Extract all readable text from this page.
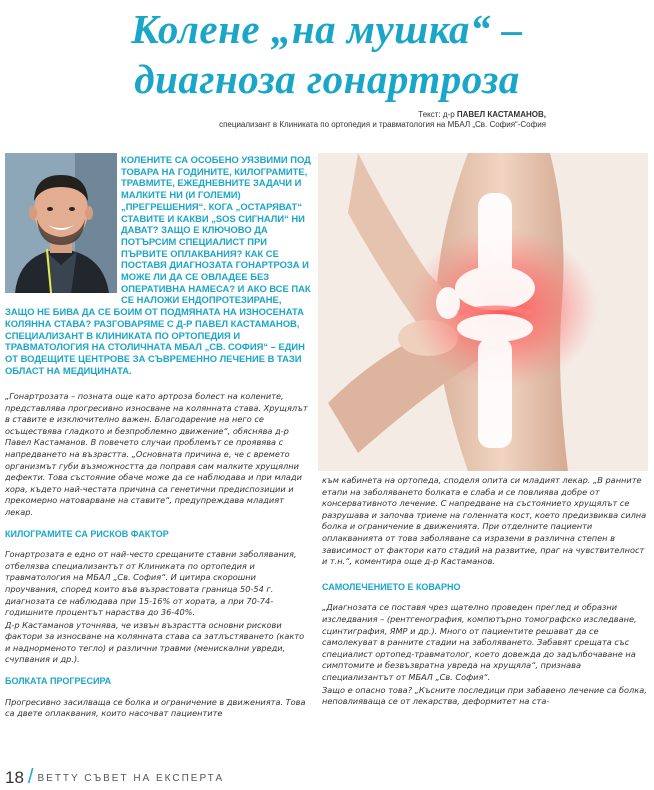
Колене „на мушка“ –
диагноза гонартроза
Текст: д-р ПАВЕЛ КАСТАМАНОВ,
специализант в Клиниката по ортопедия и травматология на МБАЛ „Св. София“-София
КОЛЕНИТЕ СА ОСОБЕНО УЯЗВИМИ ПОД ТОВАРА НА ГОДИНИТЕ, КИЛОГРАМИТЕ, ТРАВМИТЕ, ЕЖЕДНЕВНИТЕ ЗАДАЧИ И МАЛКИТЕ НИ (И ГОЛЕМИ) „ПРЕГРЕШЕНИЯ“. КОГА „ОСТАРЯВАТ“ СТАВИТЕ И КАКВИ „SOS СИГНАЛИ“ НИ ДАВАТ? ЗАЩО Е КЛЮЧОВО ДА ПОТЪРСИМ СПЕЦИАЛИСТ ПРИ ПЪРВИТЕ ОПЛАКВАНИЯ? КАК СЕ ПОСТАВЯ ДИАГНОЗАТА ГОНАРТРОЗА И МОЖЕ ЛИ ДА СЕ ОВЛАДЕЕ БЕЗ ОПЕРАТИВНА НАМЕСА? И АКО ВСЕ ПАК СЕ НАЛОЖИ ЕНДОПРОТЕЗИРАНЕ, ЗАЩО НЕ БИВА ДА СЕ БОИМ ОТ ПОДМЯНАТА НА ИЗНОСЕНАТА КОЛЯННА СТАВА? РАЗГОВАРЯМЕ С Д-Р ПАВЕЛ КАСТАМАНОВ, СПЕЦИАЛИЗАНТ В КЛИНИКАТА ПО ОРТОПЕДИЯ И ТРАВМАТОЛОГИЯ НА СТОЛИЧНАТА МБАЛ „СВ. СОФИЯ“ – ЕДИН ОТ ВОДЕЩИТЕ ЦЕНТРОВЕ ЗА СЪВРЕМЕННО ЛЕЧЕНИЕ В ТАЗИ ОБЛАСТ НА МЕДИЦИНАТА.

„Гонартрозата – позната още като артроза болест на колените, представлява прогресивно износване на колянната става. Хрущялът в ставите е изключително важен. Благодарение на него се осъществява гладкото и безпроблемно движение“, обяснява д-р Павел Кастаманов. В повечето случаи проблемът се проявява с напредването на възрастта. „Основната причина е, че с времето организмът губи възможността да поправя сам малките хрущялни дефекти. Това състояние обаче може да се наблюдава и при млади хора, където най-честата причина са генетични предиспозиции и прекомерно натоварване на ставите“, предупреждава младият лекар.

КИЛОГРАМИТЕ СА РИСКОВ ФАКТОР

Гонартрозата е едно от най-често срещаните ставни заболявания, отбелязва специализантът от Клиниката по ортопедия и травматология на МБАЛ „Св. София“. И цитира скорошни проучвания, според които във възрастовата граница 50-54 г. диагнозата се наблюдава при 15-16% от хората, а при 70-74-годишните процентът нараства до 36-40%.

Д-р Кастаманов уточнява, че извън възрастта основни рискови фактори за износване на колянната става са затлъстяването (както и наднорменото тегло) и различни травми (менискални увреди, счупвания и др.).

БОЛКАТА ПРОГРЕСИРА

Прогресивно засилваща се болка и ограничение в движенията. Това са двете оплаквания, които насочват пациентите

към кабинета на ортопеда, споделя опита си младият лекар. „В ранните етапи на заболяването болката е слаба и се повлиява добре от консервативното лечение. С напредване на състоянието хрущялът се разрушава и започва триене на голенната кост, което предизвиква силна болка и ограничение в движенията. При отделните пациенти оплакванията от това заболяване са изразени в различна степен в зависимост от фактори като стадий на развитие, праг на чувствителност и т.н.“, коментира още д-р Кастаманов.

САМОЛЕЧЕНИЕТО Е КОВАРНО

„Диагнозата се поставя чрез щателно проведен преглед и образни изследвания – (рентгенография, компютърно томографско изследване, сцинтиграфия, ЯМР и др.). Много от пациентите решават да се самолекуват в ранните стадии на заболяването. Забавят срещата със специалист ортопед-травматолог, което довежда до задълбочаване на симптомите и безвъзвратна увреда на хрущяла“, признава специализантът от МБАЛ „Св. София“.

Защо е опасно това? „Късните последици при забавено лечение са болка, неповлияваща се от лекарства, деформитет на ста-

18 / BETTY СЪВЕТ НА ЕКСПЕРТА
